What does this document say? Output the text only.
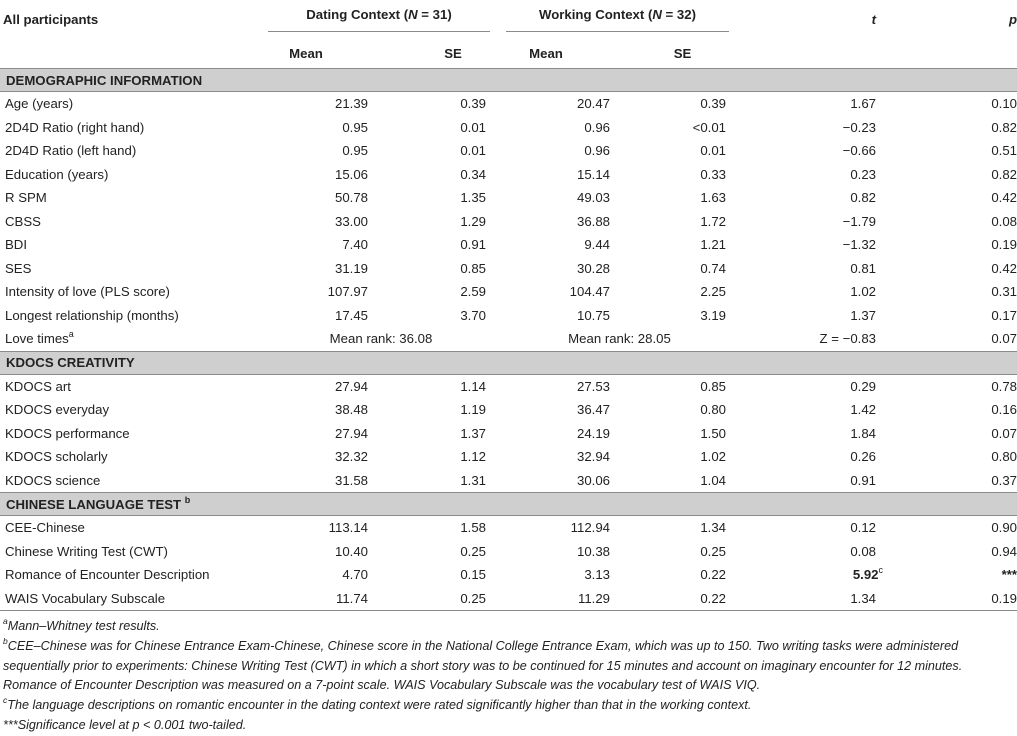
All participants	Dating Context (N = 31)		Working Context (N = 32)		t	p
	Mean	SE	Mean	SE		
DEMOGRAPHIC INFORMATION						
Age (years)	21.39	0.39	20.47	0.39	1.67	0.10
2D4D Ratio (right hand)	0.95	0.01	0.96	<0.01	−0.23	0.82
2D4D Ratio (left hand)	0.95	0.01	0.96	0.01	−0.66	0.51
Education (years)	15.06	0.34	15.14	0.33	0.23	0.82
R SPM	50.78	1.35	49.03	1.63	0.82	0.42
CBSS	33.00	1.29	36.88	1.72	−1.79	0.08
BDI	7.40	0.91	9.44	1.21	−1.32	0.19
SES	31.19	0.85	30.28	0.74	0.81	0.42
Intensity of love (PLS score)	107.97	2.59	104.47	2.25	1.02	0.31
Longest relationship (months)	17.45	3.70	10.75	3.19	1.37	0.17
Love times$^a$	Mean rank: 36.08		Mean rank: 28.05		Z = −0.83	0.07
KDOCS CREATIVITY						
KDOCS art	27.94	1.14	27.53	0.85	0.29	0.78
KDOCS everyday	38.48	1.19	36.47	0.80	1.42	0.16
KDOCS performance	27.94	1.37	24.19	1.50	1.84	0.07
KDOCS scholarly	32.32	1.12	32.94	1.02	0.26	0.80
KDOCS science	31.58	1.31	30.06	1.04	0.91	0.37
CHINESE LANGUAGE TEST $^b$
CEE-Chinese	113.14	1.58	112.94	1.34	0.12	0.90
Chinese Writing Test (CWT)	10.40	0.25	10.38	0.25	0.08	0.94
Romance of Encounter Description	4.70	0.15	3.13	0.22	5.92$^c$	***
WAIS Vocabulary Subscale	11.74	0.25	11.29	0.22	1.34	0.19

$^a$Mann–Whitney test results.

$^b$CEE–Chinese was for Chinese Entrance Exam-Chinese, Chinese score in the National College Entrance Exam, which was up to 150. Two writing tasks were administered sequentially prior to experiments: Chinese Writing Test (CWT) in which a short story was to be continued for 15 minutes and account on imaginary encounter for 12 minutes. Romance of Encounter Description was measured on a 7-point scale. WAIS Vocabulary Subscale was the vocabulary test of WAIS VIQ.

$^c$The language descriptions on romantic encounter in the dating context were rated significantly higher than that in the working context.

***Significance level at p < 0.001 two-tailed.
